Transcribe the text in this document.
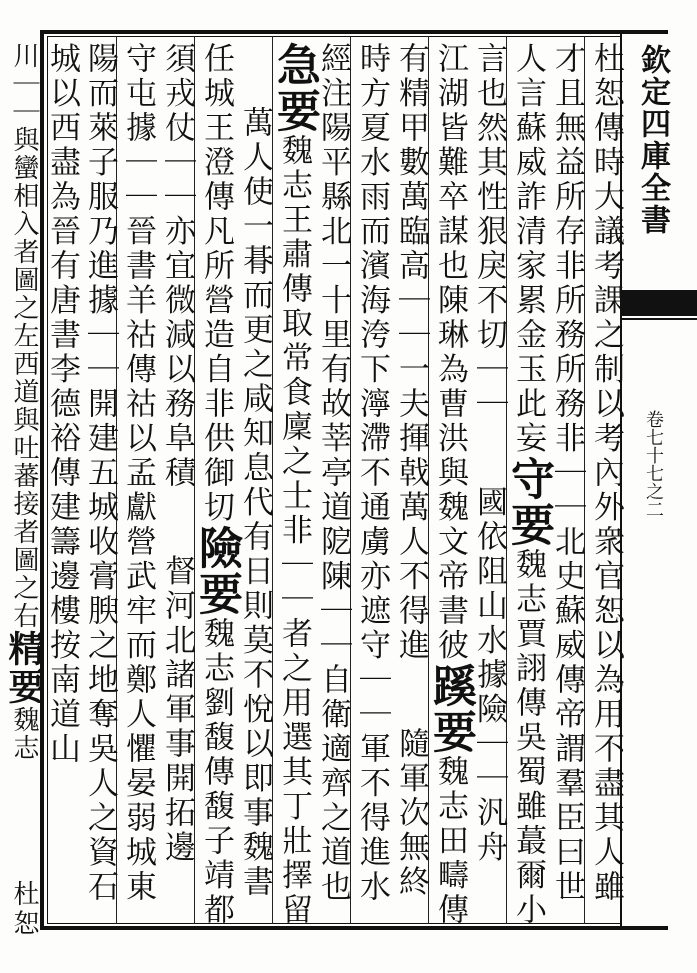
欽定四庫全書
卷七十七之二
杜恕傳時大議考課之制以考內外衆官恕以為用不盡其人雖
才且無益所存非所務所務非｜｜北史蘇威傳帝謂羣臣曰世
人言蘇威詐清家累金玉此妄守要魏志賈詡傳吳蜀雖蕞爾小
言也然其性狠戾不切｜｜國依阻山水據險｜｜汎舟
江湖皆難卒謀也陳琳為曹洪與魏文帝書彼蹊要魏志田疇傳
有精甲數萬臨高｜｜一夫揮戟萬人不得進隨軍次無終
時方夏水雨而濱海洿下濘滯不通虜亦遮守｜｜軍不得進水
經注陽平縣北一十里有故莘亭道阸陳｜｜自衛適齊之道也
急要魏志王肅傳取常食廩之士非｜｜者之用選其丁壯擇留
萬人使一朞而更之咸知息代有日則莫不悅以即事魏書
任城王澄傳凡所營造自非供御切險要魏志劉馥傳馥子靖都
須戎仗｜｜亦宜微減以務阜積督河北諸軍事開拓邊
守屯據｜｜晉書羊祜傳祜以孟獻營武牢而鄭人懼晏弱城東
陽而萊子服乃進據｜｜開建五城收膏腴之地奪吳人之資石
城以西盡為晉有唐書李德裕傳建籌邊樓按南道山
川｜｜與蠻相入者圖之左西道與吐蕃接者圖之右精要魏志
杜恕
